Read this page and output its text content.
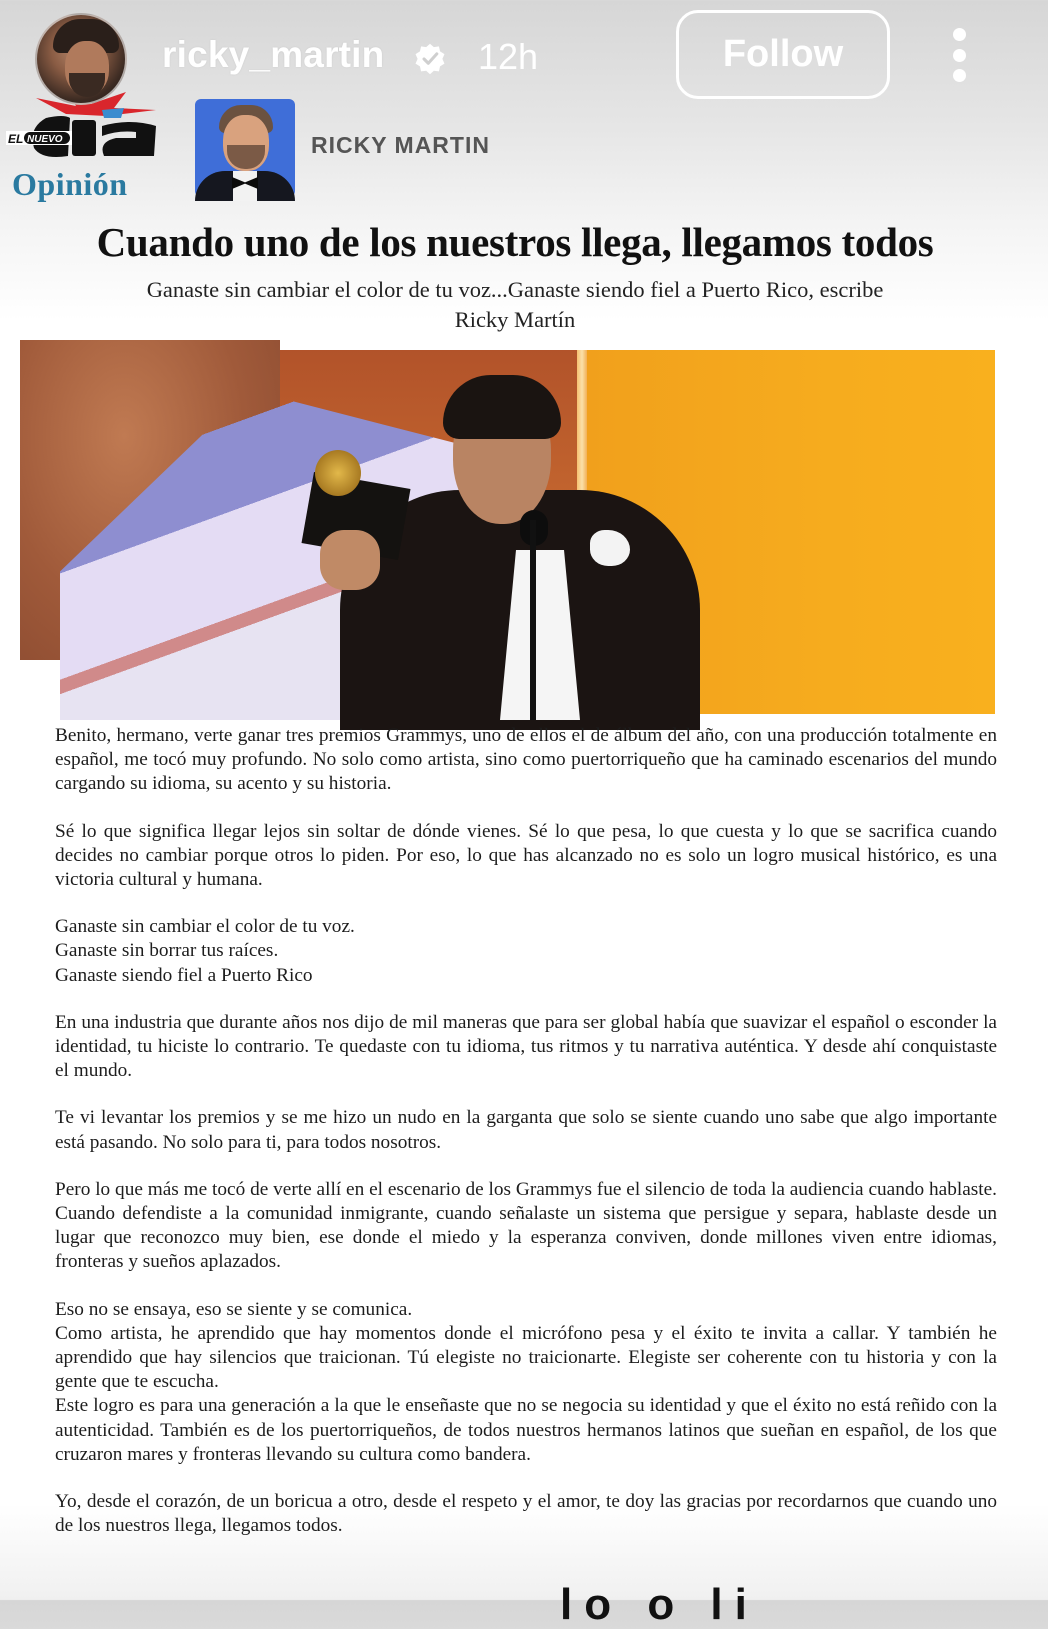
ricky_martin	12h	Follow
EL NUEVO
Opinión
RICKY MARTIN
Cuando uno de los nuestros llega, llegamos todos
Ganaste sin cambiar el color de tu voz...Ganaste siendo fiel a Puerto Rico, escribe Ricky Martín

Benito, hermano, verte ganar tres premios Grammys, uno de ellos el de álbum del año, con una producción totalmente en español, me tocó muy profundo. No solo como artista, sino como puertorriqueño que ha caminado escenarios del mundo cargando su idioma, su acento y su historia.

Sé lo que significa llegar lejos sin soltar de dónde vienes. Sé lo que pesa, lo que cuesta y lo que se sacrifica cuando decides no cambiar porque otros lo piden. Por eso, lo que has alcanzado no es solo un logro musical histórico, es una victoria cultural y humana.

Ganaste sin cambiar el color de tu voz.
Ganaste sin borrar tus raíces.
Ganaste siendo fiel a Puerto Rico

En una industria que durante años nos dijo de mil maneras que para ser global había que suavizar el español o esconder la identidad, tu hiciste lo contrario. Te quedaste con tu idioma, tus ritmos y tu narrativa auténtica. Y desde ahí conquistaste el mundo.

Te vi levantar los premios y se me hizo un nudo en la garganta que solo se siente cuando uno sabe que algo importante está pasando. No solo para ti, para todos nosotros.

Pero lo que más me tocó de verte allí en el escenario de los Grammys fue el silencio de toda la audiencia cuando hablaste. Cuando defendiste a la comunidad inmigrante, cuando señalaste un sistema que persigue y separa, hablaste desde un lugar que reconozco muy bien, ese donde el miedo y la esperanza conviven, donde millones viven entre idiomas, fronteras y sueños aplazados.

Eso no se ensaya, eso se siente y se comunica.

Como artista, he aprendido que hay momentos donde el micrófono pesa y el éxito te invita a callar. Y también he aprendido que hay silencios que traicionan. Tú elegiste no traicionarte. Elegiste ser coherente con tu historia y con la gente que te escucha.

Este logro es para una generación a la que le enseñaste que no se negocia su identidad y que el éxito no está reñido con la autenticidad. También es de los puertorriqueños, de todos nuestros hermanos latinos que sueñan en español, de los que cruzaron mares y fronteras llevando su cultura como bandera.

Yo, desde el corazón, de un boricua a otro, desde el respeto y el amor, te doy las gracias por recordarnos que cuando uno de los nuestros llega, llegamos todos.

lo o li
